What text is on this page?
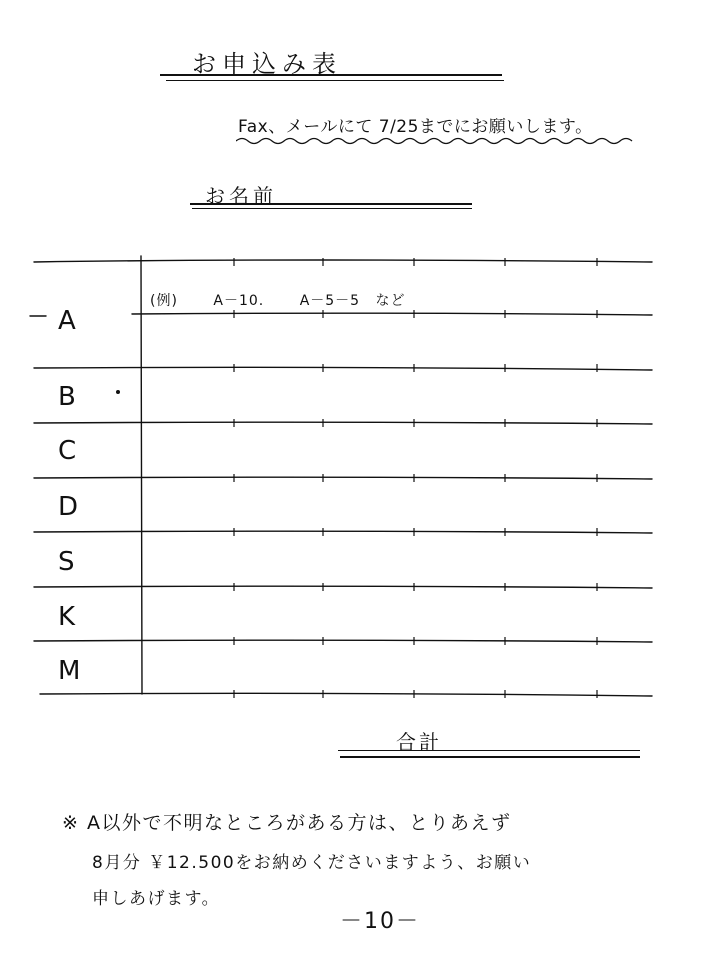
お申込み表
Fax、メールにて 7/25までにお願いします。
お名前
(例)	A－10.	A－5－5 など
A
B
C
D
S
K
M
合計
※ A以外で不明なところがある方は、とりあえず
8月分 ￥12.500をお納めくださいますよう、お願い
申しあげます。
－10－
